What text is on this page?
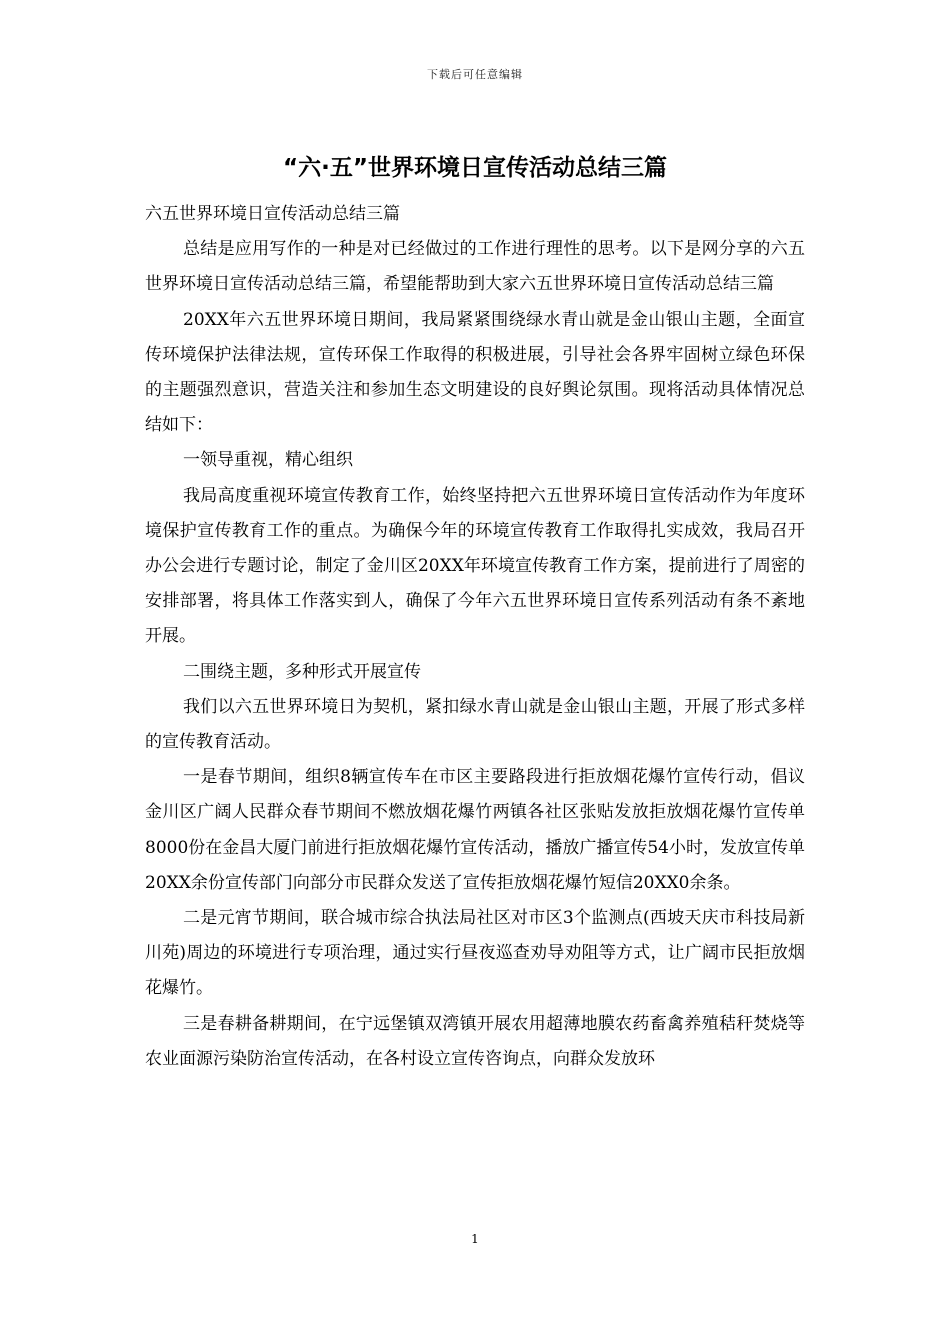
下载后可任意编辑
“六·五”世界环境日宣传活动总结三篇

六五世界环境日宣传活动总结三篇

总结是应用写作的一种是对已经做过的工作进行理性的思考。以下是网分享的六五世界环境日宣传活动总结三篇，希望能帮助到大家六五世界环境日宣传活动总结三篇

20XX年六五世界环境日期间，我局紧紧围绕绿水青山就是金山银山主题，全面宣传环境保护法律法规，宣传环保工作取得的积极进展，引导社会各界牢固树立绿色环保的主题强烈意识，营造关注和参加生态文明建设的良好舆论氛围。现将活动具体情况总结如下：

一领导重视，精心组织

我局高度重视环境宣传教育工作，始终坚持把六五世界环境日宣传活动作为年度环境保护宣传教育工作的重点。为确保今年的环境宣传教育工作取得扎实成效，我局召开办公会进行专题讨论，制定了金川区20XX年环境宣传教育工作方案，提前进行了周密的安排部署，将具体工作落实到人，确保了今年六五世界环境日宣传系列活动有条不紊地开展。

二围绕主题，多种形式开展宣传

我们以六五世界环境日为契机，紧扣绿水青山就是金山银山主题，开展了形式多样的宣传教育活动。

一是春节期间，组织8辆宣传车在市区主要路段进行拒放烟花爆竹宣传行动，倡议金川区广阔人民群众春节期间不燃放烟花爆竹两镇各社区张贴发放拒放烟花爆竹宣传单8000份在金昌大厦门前进行拒放烟花爆竹宣传活动，播放广播宣传54小时，发放宣传单20XX余份宣传部门向部分市民群众发送了宣传拒放烟花爆竹短信20XX0余条。

二是元宵节期间，联合城市综合执法局社区对市区3个监测点(西坡天庆市科技局新川苑)周边的环境进行专项治理，通过实行昼夜巡查劝导劝阻等方式，让广阔市民拒放烟花爆竹。

三是春耕备耕期间，在宁远堡镇双湾镇开展农用超薄地膜农药畜禽养殖秸秆焚烧等农业面源污染防治宣传活动，在各村设立宣传咨询点，向群众发放环

1
